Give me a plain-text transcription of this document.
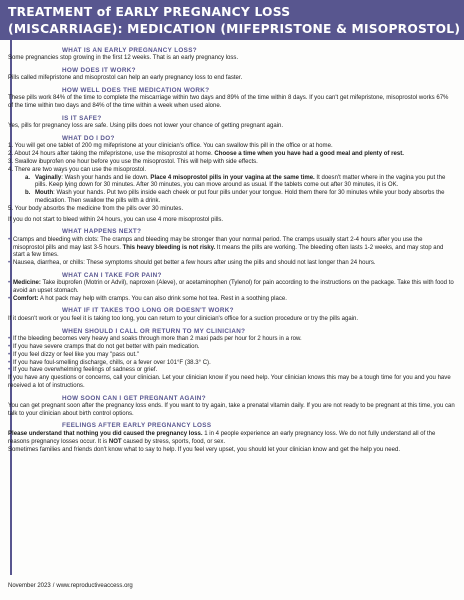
TREATMENT of EARLY PREGNANCY LOSS
(MISCARRIAGE): MEDICATION (MIFEPRISTONE & MISOPROSTOL)
WHAT IS AN EARLY PREGNANCY LOSS?

Some pregnancies stop growing in the first 12 weeks. That is an early pregnancy loss.

HOW DOES IT WORK?

Pills called mifepristone and misoprostol can help an early pregnancy loss to end faster.

HOW WELL DOES THE MEDICATION WORK?

These pills work 84% of the time to complete the miscarriage within two days and 89% of the time within 8 days. If you can't get mifepristone, misoprostol works 67% of the time within two days and 84% of the time within a week when used alone.

IS IT SAFE?

Yes, pills for pregnancy loss are safe. Using pills does not lower your chance of getting pregnant again.

WHAT DO I DO?
1. You will get one tablet of 200 mg mifepristone at your clinician's office. You can swallow this pill in the office or at home.
2. About 24 hours after taking the mifepristone, use the misoprostol at home. Choose a time when you have had a good meal and plenty of rest.
3. Swallow ibuprofen one hour before you use the misoprostol. This will help with side effects.
4. There are two ways you can use the misoprostol.
a. Vaginally: Wash your hands and lie down. Place 4 misoprostol pills in your vagina at the same time. It doesn't matter where in the vagina you put the pills. Keep lying down for 30 minutes. After 30 minutes, you can move around as usual. If the tablets come out after 30 minutes, it is OK.
b. Mouth: Wash your hands. Put two pills inside each cheek or put four pills under your tongue. Hold them there for 30 minutes while your body absorbs the medication. Then swallow the pills with a drink.
5. Your body absorbs the medicine from the pills over 30 minutes.
If you do not start to bleed within 24 hours, you can use 4 more misoprostol pills.
WHAT HAPPENS NEXT?
• Cramps and bleeding with clots: The cramps and bleeding may be stronger than your normal period. The cramps usually start 2-4 hours after you use the misoprostol pills and may last 3-5 hours. This heavy bleeding is not risky. It means the pills are working. The bleeding often lasts 1-2 weeks, and may stop and start a few times.
• Nausea, diarrhea, or chills: These symptoms should get better a few hours after using the pills and should not last longer than 24 hours.
WHAT CAN I TAKE FOR PAIN?
• Medicine: Take ibuprofen (Motrin or Advil), naproxen (Aleve), or acetaminophen (Tylenol) for pain according to the instructions on the package. Take this with food to avoid an upset stomach.
• Comfort: A hot pack may help with cramps. You can also drink some hot tea. Rest in a soothing place.
WHAT IF IT TAKES TOO LONG OR DOESN'T WORK?

If it doesn't work or you feel it is taking too long, you can return to your clinician's office for a suction procedure or try the pills again.

WHEN SHOULD I CALL OR RETURN TO MY CLINICIAN?
• If the bleeding becomes very heavy and soaks through more than 2 maxi pads per hour for 2 hours in a row.
• If you have severe cramps that do not get better with pain medication.
• If you feel dizzy or feel like you may "pass out."
• If you have foul-smelling discharge, chills, or a fever over 101°F (38.3° C).
• If you have overwhelming feelings of sadness or grief.

If you have any questions or concerns, call your clinician. Let your clinician know if you need help. Your clinician knows this may be a tough time for you and you have received a lot of instructions.

HOW SOON CAN I GET PREGNANT AGAIN?

You can get pregnant soon after the pregnancy loss ends. If you want to try again, take a prenatal vitamin daily. If you are not ready to be pregnant at this time, you can talk to your clinician about birth control options.

FEELINGS AFTER EARLY PREGNANCY LOSS

Please understand that nothing you did caused the pregnancy loss. 1 in 4 people experience an early pregnancy loss. We do not fully understand all of the reasons pregnancy losses occur. It is NOT caused by stress, sports, food, or sex.

Sometimes families and friends don't know what to say to help. If you feel very upset, you should let your clinician know and get the help you need.

November 2023 / www.reproductiveaccess.org
